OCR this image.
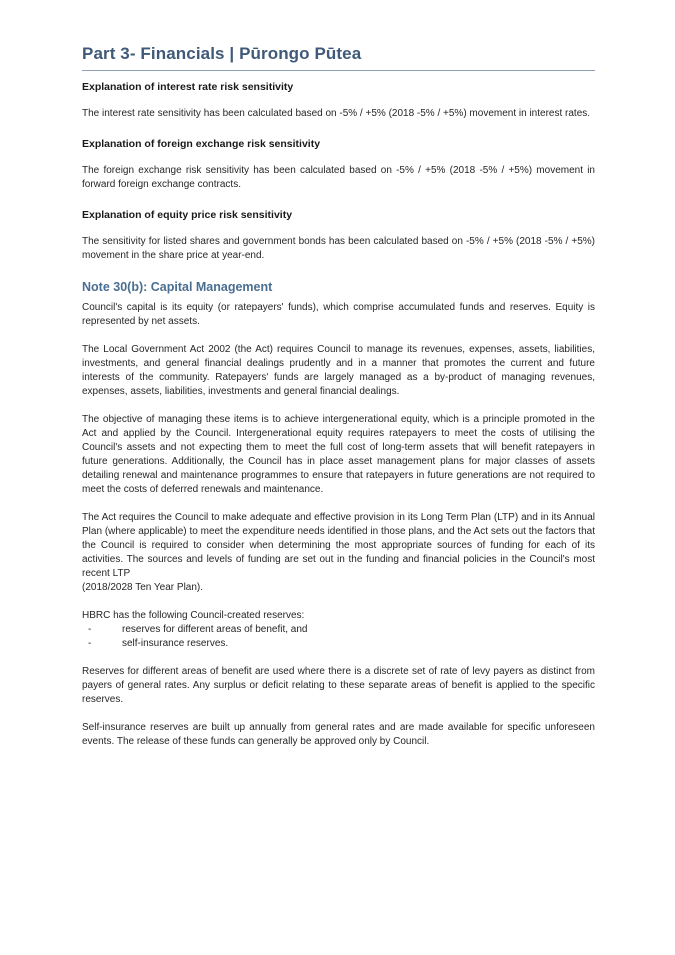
Part 3- Financials | Pūrongo Pūtea
Explanation of interest rate risk sensitivity

The interest rate sensitivity has been calculated based on -5% / +5% (2018 -5% / +5%) movement in interest rates.

Explanation of foreign exchange risk sensitivity

The foreign exchange risk sensitivity has been calculated based on -5% / +5% (2018 -5% / +5%) movement in forward foreign exchange contracts.

Explanation of equity price risk sensitivity

The sensitivity for listed shares and government bonds has been calculated based on -5% / +5% (2018 -5% / +5%) movement in the share price at year-end.

Note 30(b): Capital Management

Council's capital is its equity (or ratepayers' funds), which comprise accumulated funds and reserves. Equity is represented by net assets.

The Local Government Act 2002 (the Act) requires Council to manage its revenues, expenses, assets, liabilities, investments, and general financial dealings prudently and in a manner that promotes the current and future interests of the community. Ratepayers' funds are largely managed as a by-product of managing revenues, expenses, assets, liabilities, investments and general financial dealings.

The objective of managing these items is to achieve intergenerational equity, which is a principle promoted in the Act and applied by the Council. Intergenerational equity requires ratepayers to meet the costs of utilising the Council's assets and not expecting them to meet the full cost of long-term assets that will benefit ratepayers in future generations. Additionally, the Council has in place asset management plans for major classes of assets detailing renewal and maintenance programmes to ensure that ratepayers in future generations are not required to meet the costs of deferred renewals and maintenance.

The Act requires the Council to make adequate and effective provision in its Long Term Plan (LTP) and in its Annual Plan (where applicable) to meet the expenditure needs identified in those plans, and the Act sets out the factors that the Council is required to consider when determining the most appropriate sources of funding for each of its activities. The sources and levels of funding are set out in the funding and financial policies in the Council's most recent LTP

(2018/2028 Ten Year Plan).

HBRC has the following Council-created reserves:

-	reserves for different areas of benefit, and
-	self-insurance reserves.

Reserves for different areas of benefit are used where there is a discrete set of rate of levy payers as distinct from payers of general rates. Any surplus or deficit relating to these separate areas of benefit is applied to the specific reserves.

Self-insurance reserves are built up annually from general rates and are made available for specific unforeseen events. The release of these funds can generally be approved only by Council.
